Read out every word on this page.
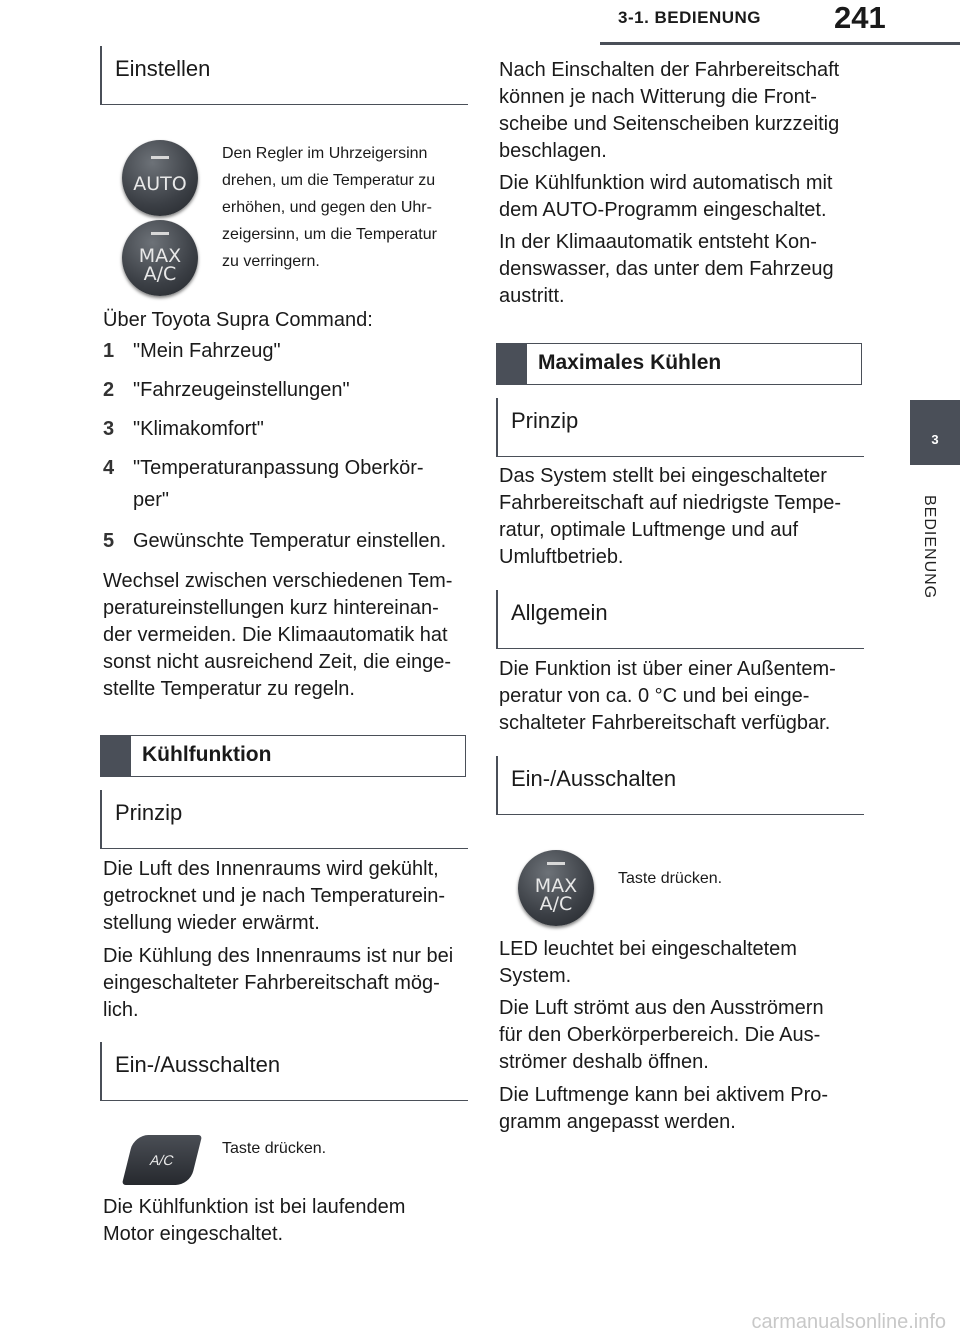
3-1. BEDIENUNG 241
3
BEDIENUNG
Einstellen
AUTO
MAX
A/C
Den Regler im Uhrzeigersinn
drehen, um die Temperatur zu
erhöhen, und gegen den Uhr-
zeigersinn, um die Temperatur
zu verringern.

Über Toyota Supra Command:

1 "Mein Fahrzeug"
2 "Fahrzeugeinstellungen"
3 "Klimakomfort"
4 "Temperaturanpassung Oberkör-
per"
5 Gewünschte Temperatur einstellen.

Wechsel zwischen verschiedenen Tem-

peratureinstellungen kurz hintereinan-

der vermeiden. Die Klimaautomatik hat

sonst nicht ausreichend Zeit, die einge-

stellte Temperatur zu regeln.

Kühlfunktion
Prinzip

Die Luft des Innenraums wird gekühlt,

getrocknet und je nach Temperaturein-

stellung wieder erwärmt.

Die Kühlung des Innenraums ist nur bei

eingeschalteter Fahrbereitschaft mög-

lich.

Ein-/Ausschalten
A/C
Taste drücken.

Die Kühlfunktion ist bei laufendem

Motor eingeschaltet.

Nach Einschalten der Fahrbereitschaft

können je nach Witterung die Front-

scheibe und Seitenscheiben kurzzeitig

beschlagen.

Die Kühlfunktion wird automatisch mit

dem AUTO-Programm eingeschaltet.

In der Klimaautomatik entsteht Kon-

denswasser, das unter dem Fahrzeug

austritt.

Maximales Kühlen
Prinzip

Das System stellt bei eingeschalteter

Fahrbereitschaft auf niedrigste Tempe-

ratur, optimale Luftmenge und auf

Umluftbetrieb.

Allgemein

Die Funktion ist über einer Außentem-

peratur von ca. 0 °C und bei einge-

schalteter Fahrbereitschaft verfügbar.

Ein-/Ausschalten
MAX
A/C
Taste drücken.

LED leuchtet bei eingeschaltetem

System.

Die Luft strömt aus den Ausströmern

für den Oberkörperbereich. Die Aus-

strömer deshalb öffnen.

Die Luftmenge kann bei aktivem Pro-

gramm angepasst werden.

carmanualsonline.info
